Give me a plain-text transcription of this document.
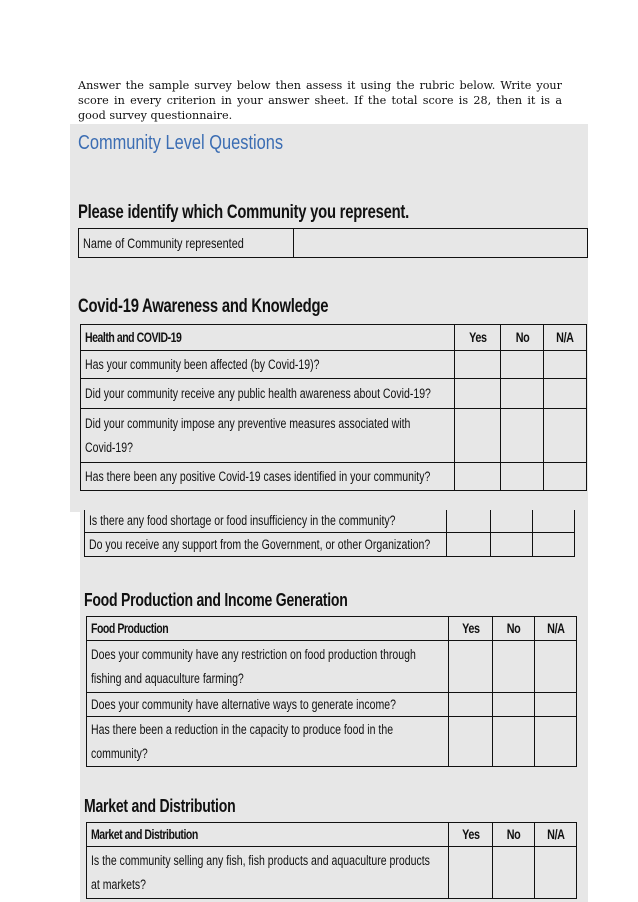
Answer the sample survey below then assess it using the rubric below. Write your score in every criterion in your answer sheet. If the total score is 28, then it is a good survey questionnaire.
Community Level Questions
Please identify which Community you represent.
Name of Community represented	
Covid-19 Awareness and Knowledge
Health and COVID-19	Yes	No	N/A
Has your community been affected (by Covid-19)?			
Did your community receive any public health awareness about Covid-19?			

Did your community impose any preventive measures associated with
Covid-19?			

Has there been any positive Covid-19 cases identified in your community?			
Is there any food shortage or food insufficiency in the community?			
Do you receive any support from the Government, or other Organization?			
Food Production and Income Generation
Food Production	Yes	No	N/A

Does your community have any restriction on food production through
fishing and aquaculture farming?			

Does your community have alternative ways to generate income?			

Has there been a reduction in the capacity to produce food in the
community?			

Market and Distribution
Market and Distribution	Yes	No	N/A

Is the community selling any fish, fish products and aquaculture products
at markets?			
